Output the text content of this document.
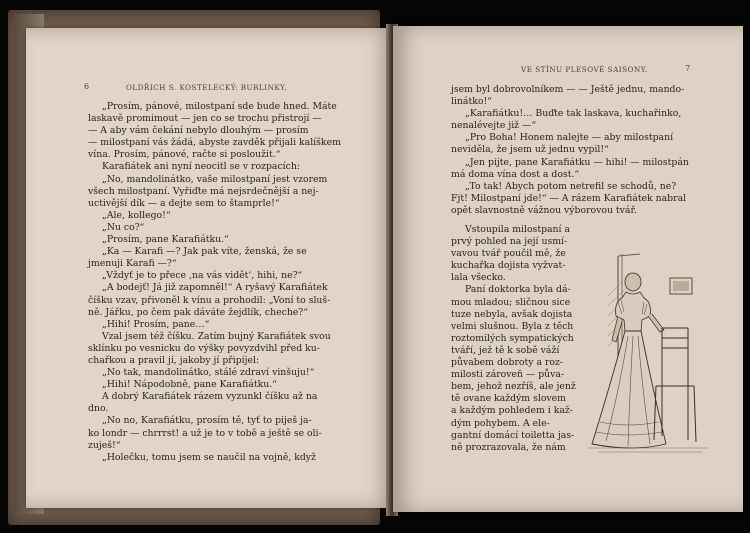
6	OLDŘICH S. KOSTELECKÝ: BURLINKY.
„Prosím, pánové, milostpaní sde bude hned. Máte
laskavě promimout — jen co se trochu přistrojí —
— A aby vám čekání nebylo dlouhým — prosím
— milostpaní vás žádá, abyste zavděk přijali kalíškem
vína. Prosím, pánové, račte si posloužit.“
Karafiátek ani nyní neocitl se v rozpacích:
„No, mandolinátko, vaše milostpaní jest vzorem
všech milostpaní. Vyřiďte má nejsrdečnější a nej-
uctivější dík — a dejte sem to štamprle!“
„Ale, kollego!“
„Nu co?“
„Prosím, pane Karafiátku.“
„Ka — Karafi —? Jak pak víte, ženská, že se
jmenuji Karafi —?“
„Vždyť je to přece ‚na vás vidět‘, hihi, ne?“
„A bodejť! Já již zapomněl!“ A ryšavý Karafiátek
číšku vzav, přivoněl k vínu a prohodil: „Voní to sluš-
ně. Jářku, po čem pak dáváte žejdlík, cheche?“
„Hihi! Prosím, pane…“
Vzal jsem též číšku. Zatím bujný Karafiátek svou
sklínku po vesnicku do výšky povyzdvihl před ku-
chařkou a pravil jí, jakoby jí připíjel:
„No tak, mandolinátko, stálé zdraví vinšuju!“
„Hihi! Nápodobně, pane Karafiátku.“
A dobrý Karafiátek rázem vyzunkl číšku až na
dno.
„No no, Karafiátku, prosím tě, tyť to piješ ja-
ko londr — chrrrst! a už je to v tobě a ještě se oli-
zuješ!“
„Holečku, tomu jsem se naučil na vojně, když
VE STÍNU PLESOVÉ SAISONY.	7
jsem byl dobrovolníkem — — Ještě jednu, mando-
linátko!“
„Karafiátku!… Buďte tak laskava, kuchařinko,
nenalévejte již —“
„Pro Boha! Honem nalejte — aby milostpaní
neviděla, že jsem už jednu vypil!“
„Jen pijte, pane Karafiátku — hihi! — milostpán
má doma vína dost a dost.“
„To tak! Abych potom netrefil se schodů, ne?
Fjt! Milostpaní jde!“ — A rázem Karafiátek nabral
opět slavnostně vážnou výborovou tvář.
Vstoupila milostpaní a
prvý pohled na její usmí-
vavou tvář poučil mě, že
kuchařka dojista vyžvat-
lala všecko.
Paní doktorka byla dá-
mou mladou; sličnou sice
tuze nebyla, avšak dojista
velmi slušnou. Byla z těch
roztomilých sympatických
tváří, jež tě k sobě váží
půvabem dobroty a roz-
milosti zároveň — půva-
bem, jehož nezříš, ale jenž
tě ovane každým slovem
a každým pohledem i kaž-
dým pohybem. A ele-
gantní domácí toiletta jas-
ně prozrazovala, že nám
